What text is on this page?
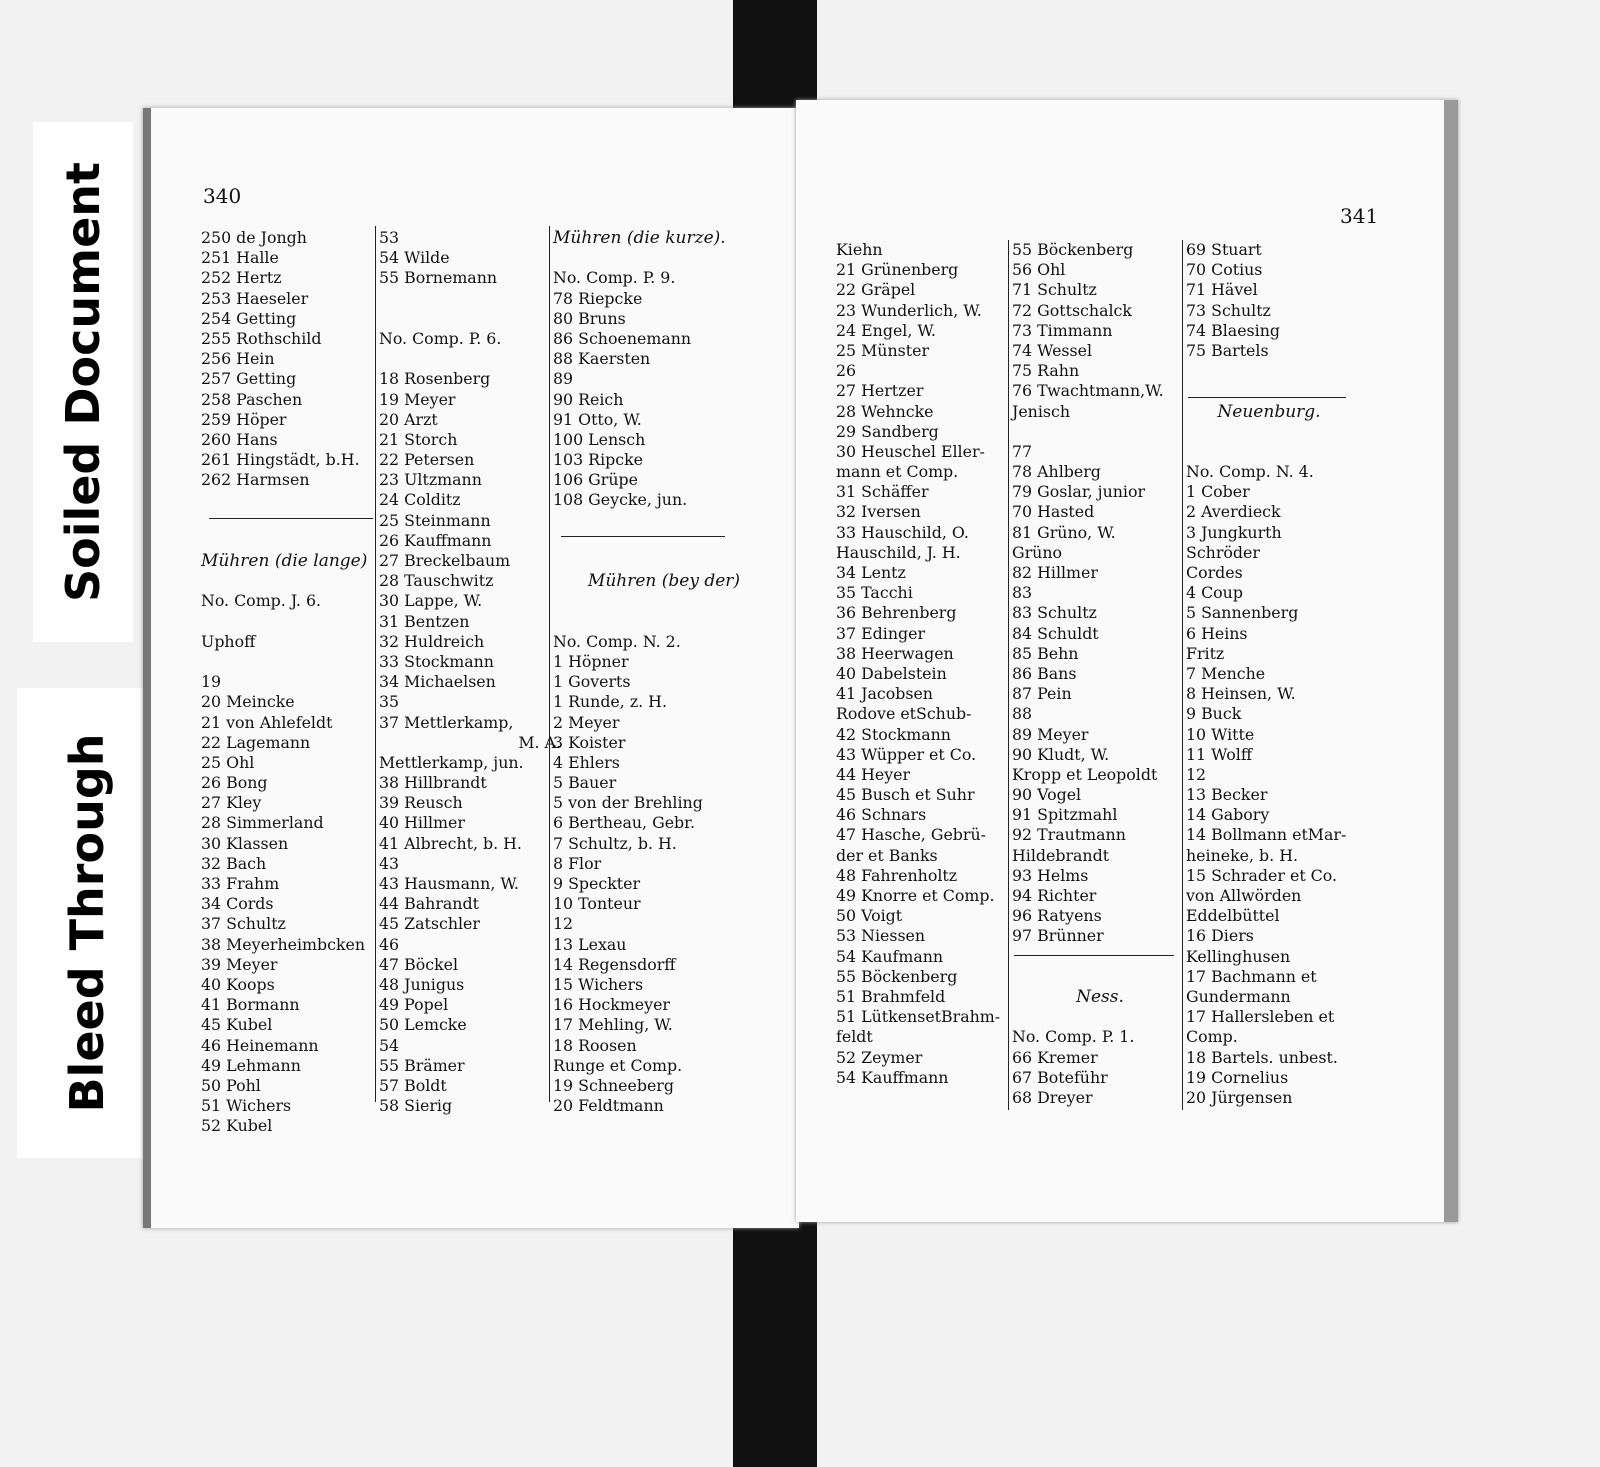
Soiled Document
Bleed Through
340
250 de Jongh
251 Halle
252 Hertz
253 Haeseler
254 Getting
255 Rothschild
256 Hein
257 Getting
258 Paschen
259 Höper
260 Hans
261 Hingstädt, b.H.
262 Harmsen
Mühren (die lange)
No. Comp. J. 6.
Uphoff
19
20 Meincke
21 von Ahlefeldt
22 Lagemann
25 Ohl
26 Bong
27 Kley
28 Simmerland
30 Klassen
32 Bach
33 Frahm
34 Cords
37 Schultz
38 Meyerheimbcken
39 Meyer
40 Koops
41 Bormann
45 Kubel
46 Heinemann
49 Lehmann
50 Pohl
51 Wichers
52 Kubel
53
54 Wilde
55 Bornemann
No. Comp. P. 6.
18 Rosenberg
19 Meyer
20 Arzt
21 Storch
22 Petersen
23 Ultzmann
24 Colditz
25 Steinmann
26 Kauffmann
27 Breckelbaum
28 Tauschwitz
30 Lappe, W.
31 Bentzen
32 Huldreich
33 Stockmann
34 Michaelsen
35
37 Mettlerkamp,
M. A.
Mettlerkamp, jun.
38 Hillbrandt
39 Reusch
40 Hillmer
41 Albrecht, b. H.
43
43 Hausmann, W.
44 Bahrandt
45 Zatschler
46
47 Böckel
48 Junigus
49 Popel
50 Lemcke
54
55 Brämer
57 Boldt
58 Sierig
Mühren (die kurze).
No. Comp. P. 9.
78 Riepcke
80 Bruns
86 Schoenemann
88 Kaersten
89
90 Reich
91 Otto, W.
100 Lensch
103 Ripcke
106 Grüpe
108 Geycke, jun.
Mühren (bey der)
No. Comp. N. 2.
1 Höpner
1 Goverts
1 Runde, z. H.
2 Meyer
3 Koister
4 Ehlers
5 Bauer
5 von der Brehling
6 Bertheau, Gebr.
7 Schultz, b. H.
8 Flor
9 Speckter
10 Tonteur
12
13 Lexau
14 Regensdorff
15 Wichers
16 Hockmeyer
17 Mehling, W.
18 Roosen
Runge et Comp.
19 Schneeberg
20 Feldtmann
341
Kiehn
21 Grünenberg
22 Gräpel
23 Wunderlich, W.
24 Engel, W.
25 Münster
26
27 Hertzer
28 Wehncke
29 Sandberg
30 Heuschel Eller-
mann et Comp.
31 Schäffer
32 Iversen
33 Hauschild, O.
Hauschild, J. H.
34 Lentz
35 Tacchi
36 Behrenberg
37 Edinger
38 Heerwagen
40 Dabelstein
41 Jacobsen
Rodove etSchub-
42 Stockmann
43 Wüpper et Co.
44 Heyer
45 Busch et Suhr
46 Schnars
47 Hasche, Gebrü-
der et Banks
48 Fahrenholtz
49 Knorre et Comp.
50 Voigt
53 Niessen
54 Kaufmann
55 Böckenberg
51 Brahmfeld
51 LütkensetBrahm-
feldt
52 Zeymer
54 Kauffmann
55 Böckenberg
56 Ohl
71 Schultz
72 Gottschalck
73 Timmann
74 Wessel
75 Rahn
76 Twachtmann,W.
Jenisch
77
78 Ahlberg
79 Goslar, junior
70 Hasted
81 Grüno, W.
Grüno
82 Hillmer
83
83 Schultz
84 Schuldt
85 Behn
86 Bans
87 Pein
88
89 Meyer
90 Kludt, W.
Kropp et Leopoldt
90 Vogel
91 Spitzmahl
92 Trautmann
Hildebrandt
93 Helms
94 Richter
96 Ratyens
97 Brünner
Ness.
No. Comp. P. 1.
66 Kremer
67 Boteführ
68 Dreyer
69 Stuart
70 Cotius
71 Hävel
73 Schultz
74 Blaesing
75 Bartels
Neuenburg.
No. Comp. N. 4.
1 Cober
2 Averdieck
3 Jungkurth
Schröder
Cordes
4 Coup
5 Sannenberg
6 Heins
Fritz
7 Menche
8 Heinsen, W.
9 Buck
10 Witte
11 Wolff
12
13 Becker
14 Gabory
14 Bollmann etMar-
heineke, b. H.
15 Schrader et Co.
von Allwörden
Eddelbüttel
16 Diers
Kellinghusen
17 Bachmann et
Gundermann
17 Hallersleben et
Comp.
18 Bartels. unbest.
19 Cornelius
20 Jürgensen
